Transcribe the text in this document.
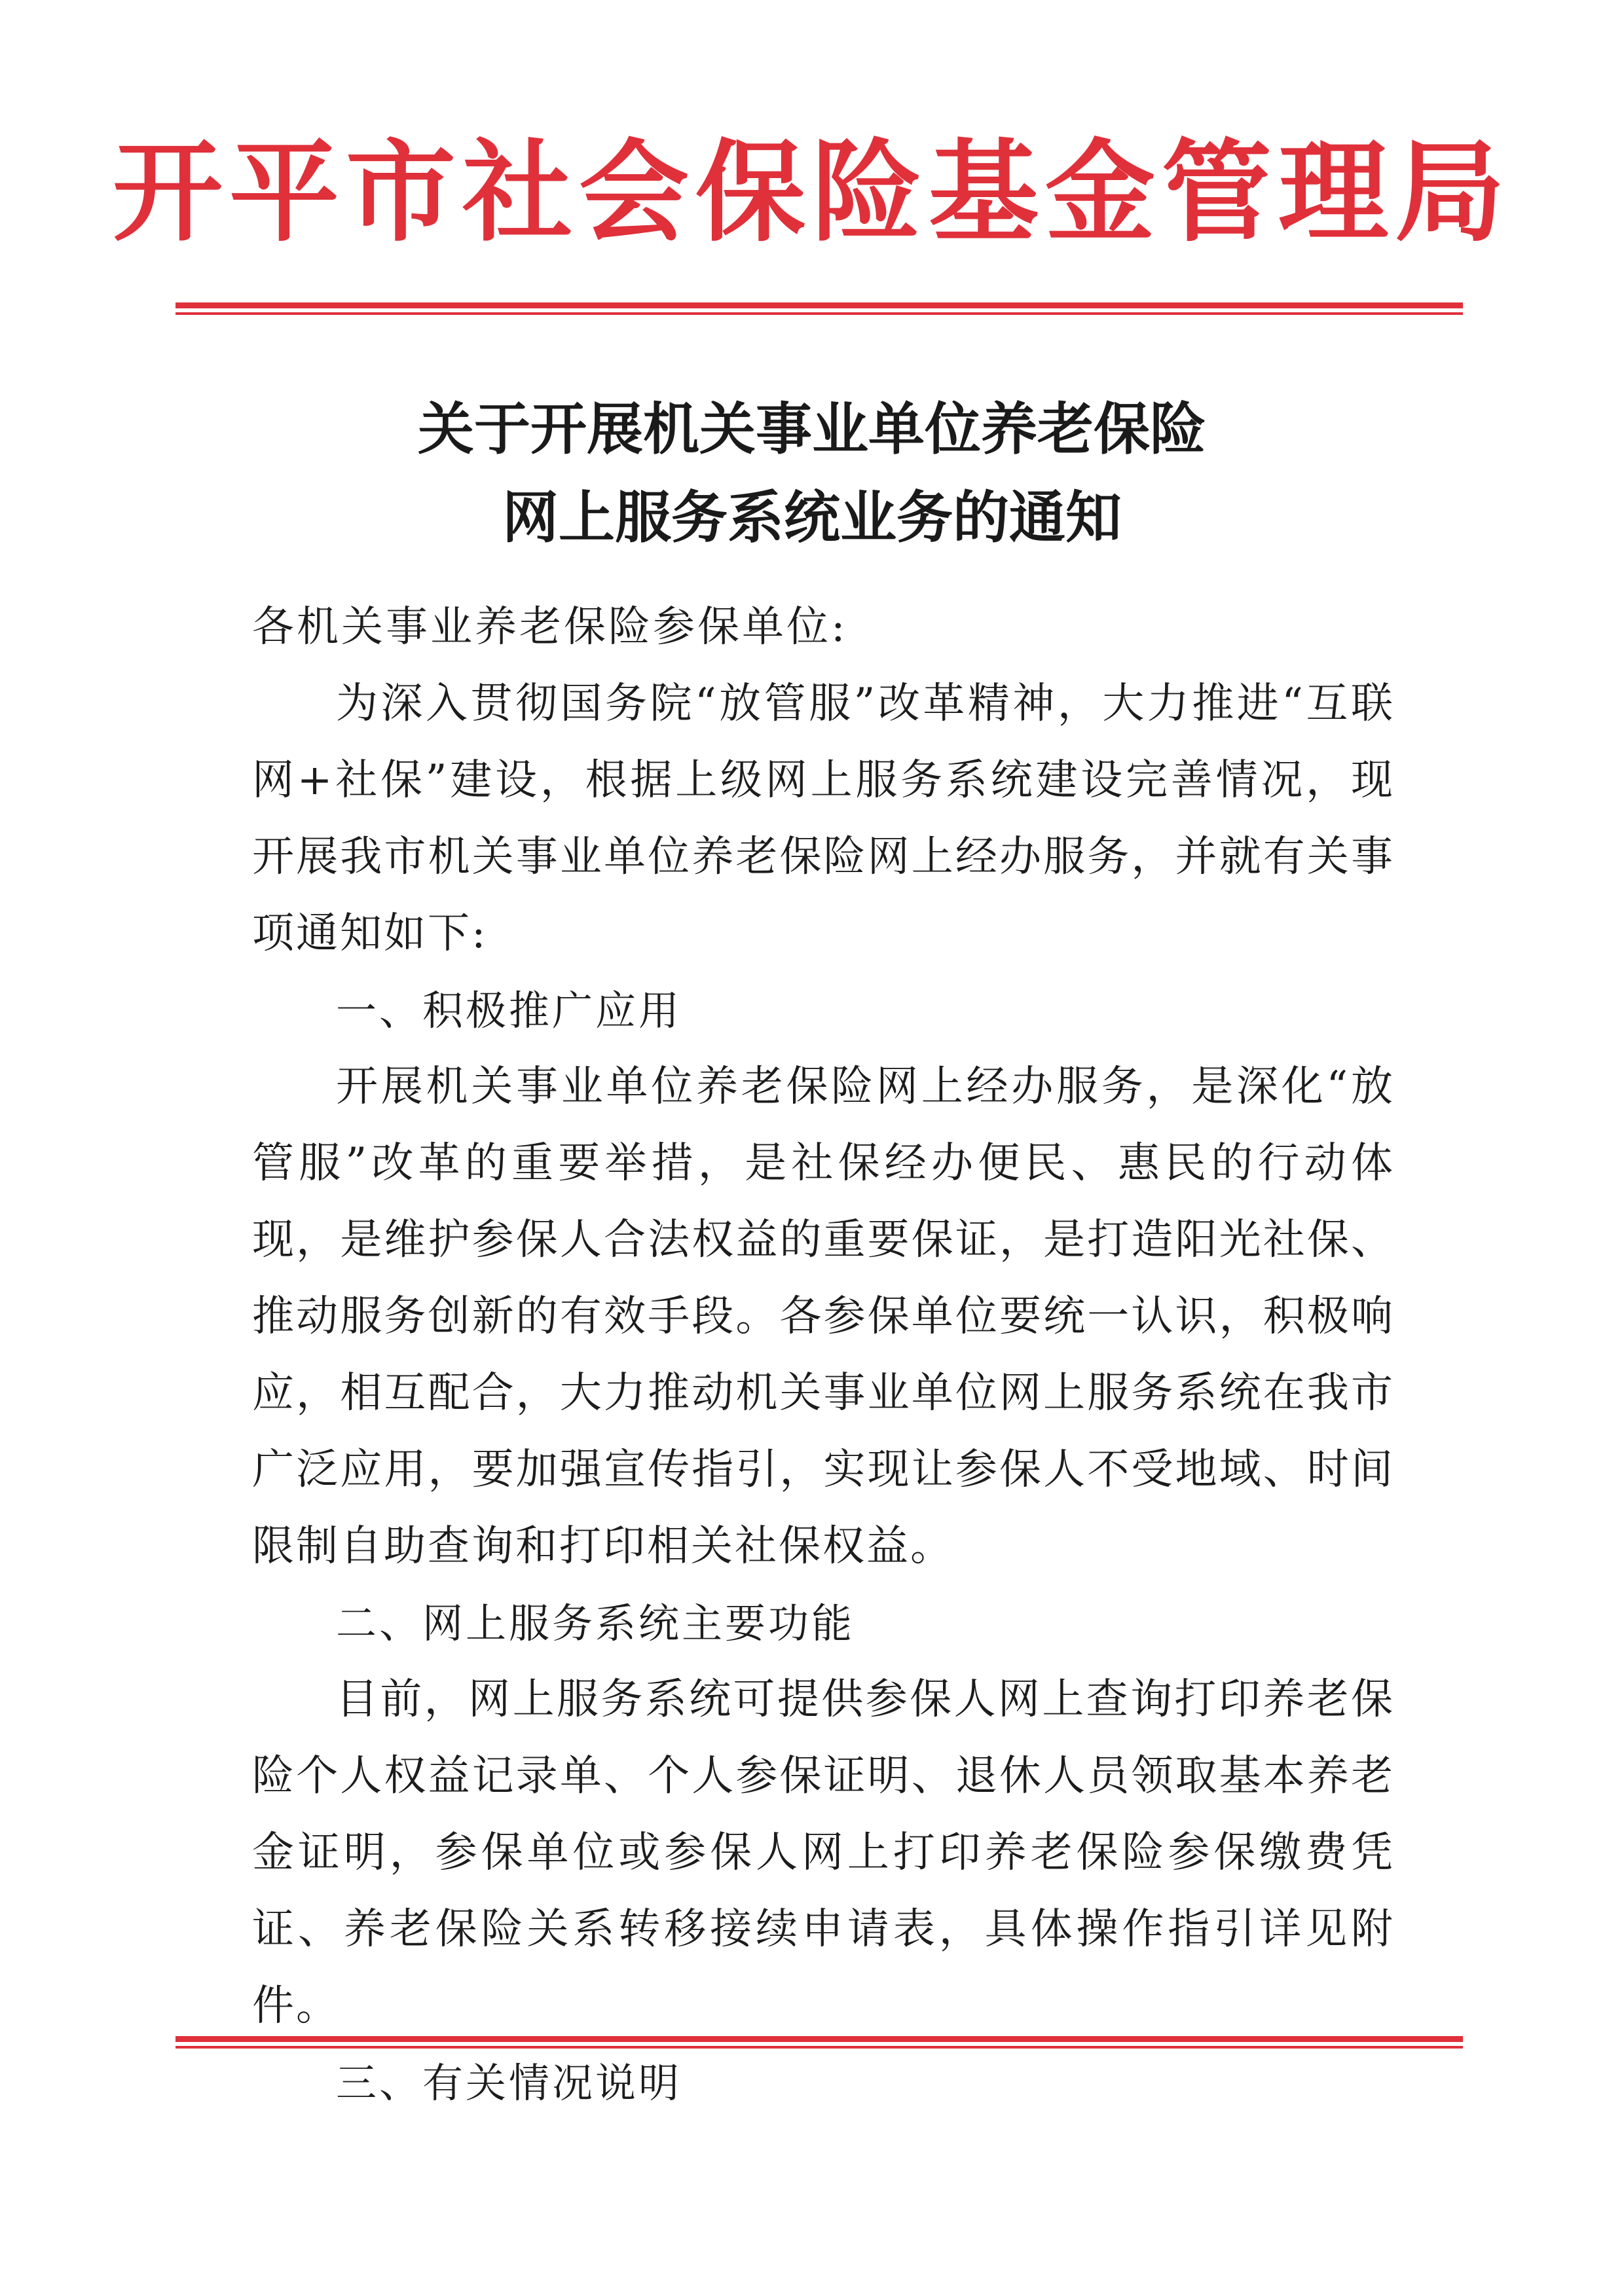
开平市社会保险基金管理局
关于开展机关事业单位养老保险
网上服务系统业务的通知

各机关事业养老保险参保单位:

为深入贯彻国务院“放管服”改革精神，大力推进“互联网+社保”建设，根据上级网上服务系统建设完善情况，现开展我市机关事业单位养老保险网上经办服务，并就有关事项通知如下:

一、积极推广应用

开展机关事业单位养老保险网上经办服务，是深化“放管服”改革的重要举措，是社保经办便民、惠民的行动体现，是维护参保人合法权益的重要保证，是打造阳光社保、推动服务创新的有效手段。各参保单位要统一认识，积极响应，相互配合，大力推动机关事业单位网上服务系统在我市广泛应用，要加强宣传指引，实现让参保人不受地域、时间限制自助查询和打印相关社保权益。

二、网上服务系统主要功能

目前，网上服务系统可提供参保人网上查询打印养老保险个人权益记录单、个人参保证明、退休人员领取基本养老金证明，参保单位或参保人网上打印养老保险参保缴费凭证、养老保险关系转移接续申请表，具体操作指引详见附件。

三、有关情况说明
